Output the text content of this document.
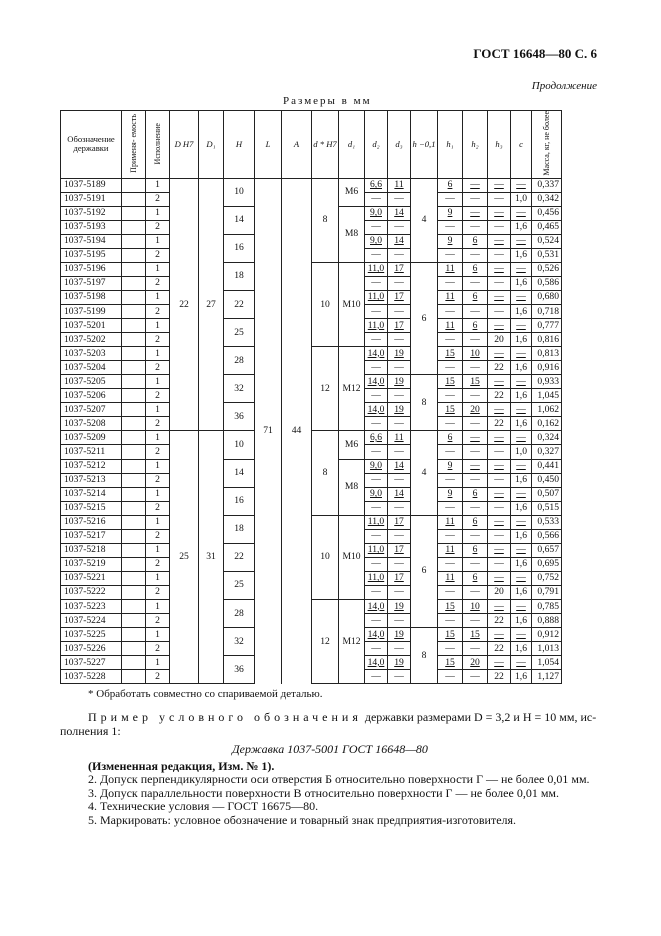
ГОСТ 16648—80 С. 6
Продолжение
Размеры в мм
Обозначение державки	Применя- емость	Исполнение	D H7	D₁	H	L	A	d * H7	d₁	d₂	d₃	h −0,1	h₁	h₂	h₃	c	Масса, кг, не более
1037-5189		1	22	27	10	71	44	8	M6	6,6	11	4	6	—	—	—	0,337
1037-5191		2								—	—		—	—	—	1,0	0,342
1037-5192		1			14				M8	9,0	14		9	—	—	—	0,456
1037-5193		2								—	—		—	—	—	1,6	0,465
1037-5194		1			16					9,0	14		9	6	—	—	0,524
1037-5195		2								—	—		—	—	—	1,6	0,531
1037-5196		1			18			10	M10	11,0	17	6	11	6	—	—	0,526
1037-5197		2								—	—		—	—	—	1,6	0,586
1037-5198		1			22					11,0	17		11	6	—	—	0,680
1037-5199		2								—	—		—	—	—	1,6	0,718
1037-5201		1			25					11,0	17		11	6	—	—	0,777
1037-5202		2								—	—		—	—	20	1,6	0,816
1037-5203		1			28			12	M12	14,0	19		15	10	—	—	0,813
1037-5204		2								—	—		—	—	22	1,6	0,916
1037-5205		1			32					14,0	19	8	15	15	—	—	0,933
1037-5206		2								—	—		—	—	22	1,6	1,045
1037-5207		1			36					14,0	19		15	20	—	—	1,062
1037-5208		2								—	—		—	—	22	1,6	0,162
1037-5209		1	25	31	10			8	M6	6,6	11	4	6	—	—	—	0,324
1037-5211		2								—	—		—	—	—	1,0	0,327
1037-5212		1			14				M8	9,0	14		9	—	—	—	0,441
1037-5213		2								—	—		—	—	—	1,6	0,450
1037-5214		1			16					9,0	14		9	6	—	—	0,507
1037-5215		2								—	—		—	—	—	1,6	0,515
1037-5216		1			18			10	M10	11,0	17	6	11	6	—	—	0,533
1037-5217		2								—	—		—	—	—	1,6	0,566
1037-5218		1			22					11,0	17		11	6	—	—	0,657
1037-5219		2								—	—		—	—	—	1,6	0,695
1037-5221		1			25					11,0	17		11	6	—	—	0,752
1037-5222		2								—	—		—	—	20	1,6	0,791
1037-5223		1			28			12	M12	14,0	19		15	10	—	—	0,785
1037-5224		2								—	—		—	—	22	1,6	0,888
1037-5225		1			32					14,0	19	8	15	15	—	—	0,912
1037-5226		2								—	—		—	—	22	1,6	1,013
1037-5227		1			36					14,0	19		15	20	—	—	1,054
1037-5228		2								—	—		—	—	22	1,6	1,127
* Обработать совместно со спариваемой деталью.
Пример условного обозначения державки размерами D = 3,2 и H = 10 мм, ис-
полнения 1:
Державка 1037-5001 ГОСТ 16648—80
(Измененная редакция, Изм. № 1).
2. Допуск перпендикулярности оси отверстия Б относительно поверхности Г — не более 0,01 мм.
3. Допуск параллельности поверхности В относительно поверхности Г — не более 0,01 мм.
4. Технические условия — ГОСТ 16675—80.
5. Маркировать: условное обозначение и товарный знак предприятия-изготовителя.
